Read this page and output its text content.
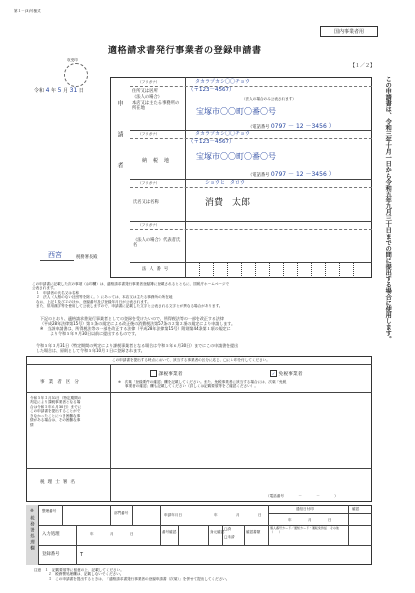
第１－(3)号様式
国内事業者用
適格請求書発行事業者の登録申請書
【１／２】
収受印
令和 4 年 5 月 31 日
申請者
（フリガナ）
住所又は居所
（法人の場合）
本店又は主たる事務所の所在地
タカラヅカシ〇〇チョウ
（〒123－4567）
（法人の場合のみ公表されます）
宝塚市〇〇町〇番〇号
（電話番号 0797 － 12 －3456 ）
（フリガナ）	タカラヅカシ〇〇チョウ
納税地
（〒123－4567）
宝塚市〇〇町〇番〇号
（電話番号 0797 － 12 －3456 ）
（フリガナ）	ショウヒ　タロウ
氏名又は名称	消費　太郎
（フリガナ）
（法人の場合）代表者氏名
法人番号
西宮	税務署長殿
この申請書に記載した次の事項（◎印欄）は、適格請求書発行事業者登録簿に登載されるとともに、国税庁ホームページで
公表されます。
１　申請者の氏名又は名称
２　法人（人格のない社団等を除く。）にあっては、本店又は主たる事務所の所在地
なお、上記１及び２のほか、登録番号及び登録年月日が公表されます。
また、常用漢字等を使用して公表しますので、申請書に記載した文字と公表される文字とが異なる場合があります。
下記のとおり、適格請求書発行事業者としての登録を受けたいので、所得税法等の一部を改正する法律
（平成28年法律第15号）第５条の規定による改正後の消費税法第57条の２第２項の規定により申請します。
※　当該申請書は、所得税法等の一部を改正する法律（平成28年法律第15号）附則第44条第１項の規定に
より令和５年９月30日以前に提出するものです。
令和５年３月31日（特定期間の判定により課税事業者となる場合は令和５年６月30日）までにこの申請書を提出
した場合は、原則として令和５年10月１日に登録されます。
この申請書を提出する時点において、該当する事業者の区分に応じ、□にレ印を付してください。
事業者区分
課税事業者	✓ 免税事業者
※　次葉「登録要件の確認」欄を記載してください。また、免税事業者に該当する場合には、次葉「免税
事業者の確認」欄も記載してください（詳しくは記載要領等をご確認ください）。
令和５年３月31日（特定期間の
判定により課税事業者となる場
合は令和５年６月30日）までに
この申請書を提出することがで
きなかったことにつき困難な事
情がある場合は、その困難な事
情
税理士署名
（電話番号　　　　－　　　　－　　　　）
※税務署処理欄 整理番号	部門番号	申請年月日	年	月	日
通信日付印	確認
年	月	日
入力処理	年	月	日	番号確認	身元確認
□済
□未済
確認書類
個人番号カード／通知カード・運転免許証　その他（　　）
登録番号	T
注意　１　記載要領等に留意の上、記載してください。
２　税務署処理欄は、記載しないでください。
３　この申請書を提出するときは、「適格請求書発行事業者の登録申請書（次葉）」を併せて提出してください。
この申請書は、令和三年十月一日から令和五年九月三十日までの間に提出する場合に使用します。
